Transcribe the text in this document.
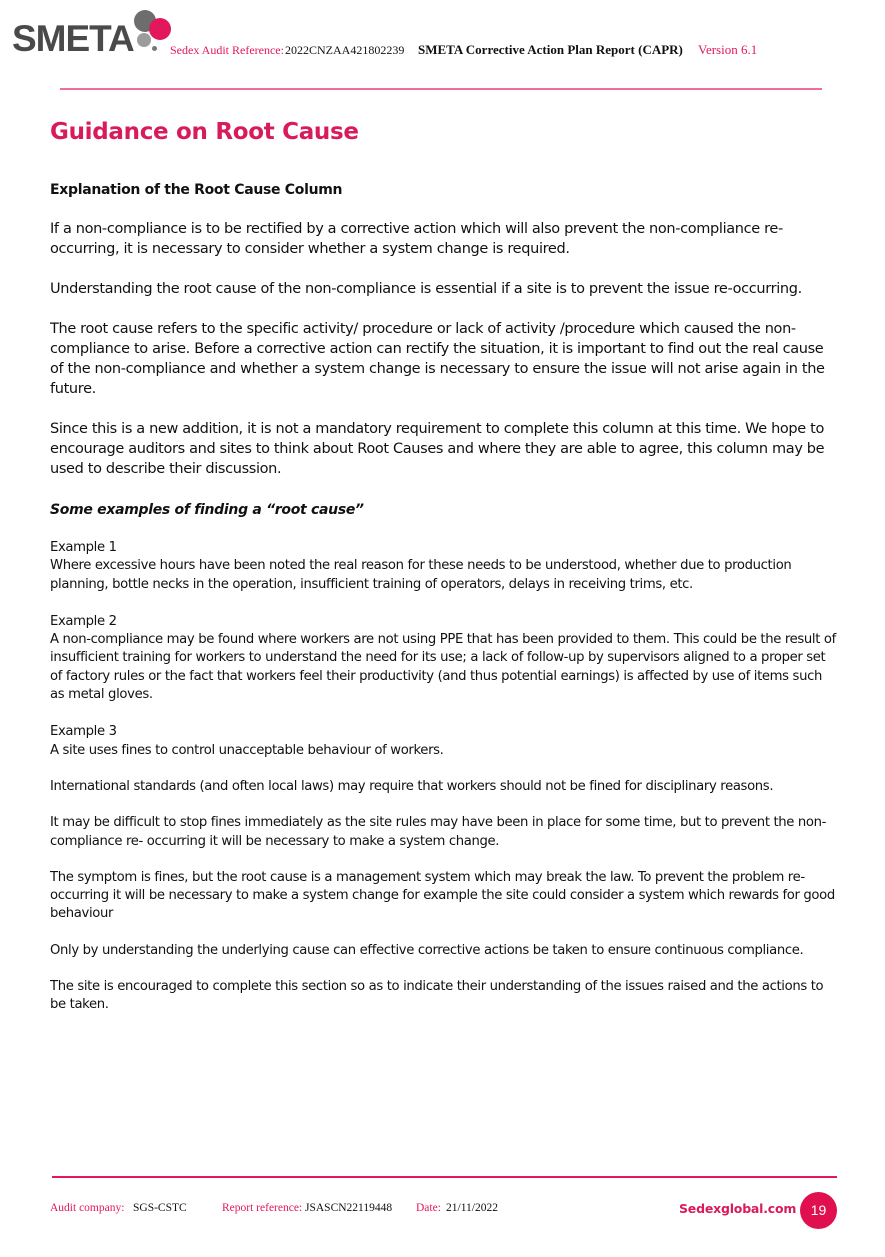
SMETA	Sedex Audit Reference: 2022CNZAA421802239 SMETA Corrective Action Plan Report (CAPR) Version 6.1
Guidance on Root Cause
Explanation of the Root Cause Column

If a non-compliance is to be rectified by a corrective action which will also prevent the non-compliance re-occurring, it is necessary to consider whether a system change is required.

Understanding the root cause of the non-compliance is essential if a site is to prevent the issue re-occurring.

The root cause refers to the specific activity/ procedure or lack of activity /procedure which caused the non-compliance to arise. Before a corrective action can rectify the situation, it is important to find out the real cause of the non-compliance and whether a system change is necessary to ensure the issue will not arise again in the future.

Since this is a new addition, it is not a mandatory requirement to complete this column at this time. We hope to encourage auditors and sites to think about Root Causes and where they are able to agree, this column may be used to describe their discussion.

Some examples of finding a “root cause”

Example 1

Where excessive hours have been noted the real reason for these needs to be understood, whether due to production planning, bottle necks in the operation, insufficient training of operators, delays in receiving trims, etc.

Example 2

A non-compliance may be found where workers are not using PPE that has been provided to them. This could be the result of insufficient training for workers to understand the need for its use; a lack of follow-up by supervisors aligned to a proper set of factory rules or the fact that workers feel their productivity (and thus potential earnings) is affected by use of items such as metal gloves.

Example 3

A site uses fines to control unacceptable behaviour of workers.

International standards (and often local laws) may require that workers should not be fined for disciplinary reasons.

It may be difficult to stop fines immediately as the site rules may have been in place for some time, but to prevent the non-compliance re- occurring it will be necessary to make a system change.

The symptom is fines, but the root cause is a management system which may break the law. To prevent the problem re-occurring it will be necessary to make a system change for example the site could consider a system which rewards for good behaviour

Only by understanding the underlying cause can effective corrective actions be taken to ensure continuous compliance.

The site is encouraged to complete this section so as to indicate their understanding of the issues raised and the actions to be taken.

Audit company: SGS-CSTC	Report reference: JSASCN22119448 Date: 21/11/2022	Sedexglobal.com	19
